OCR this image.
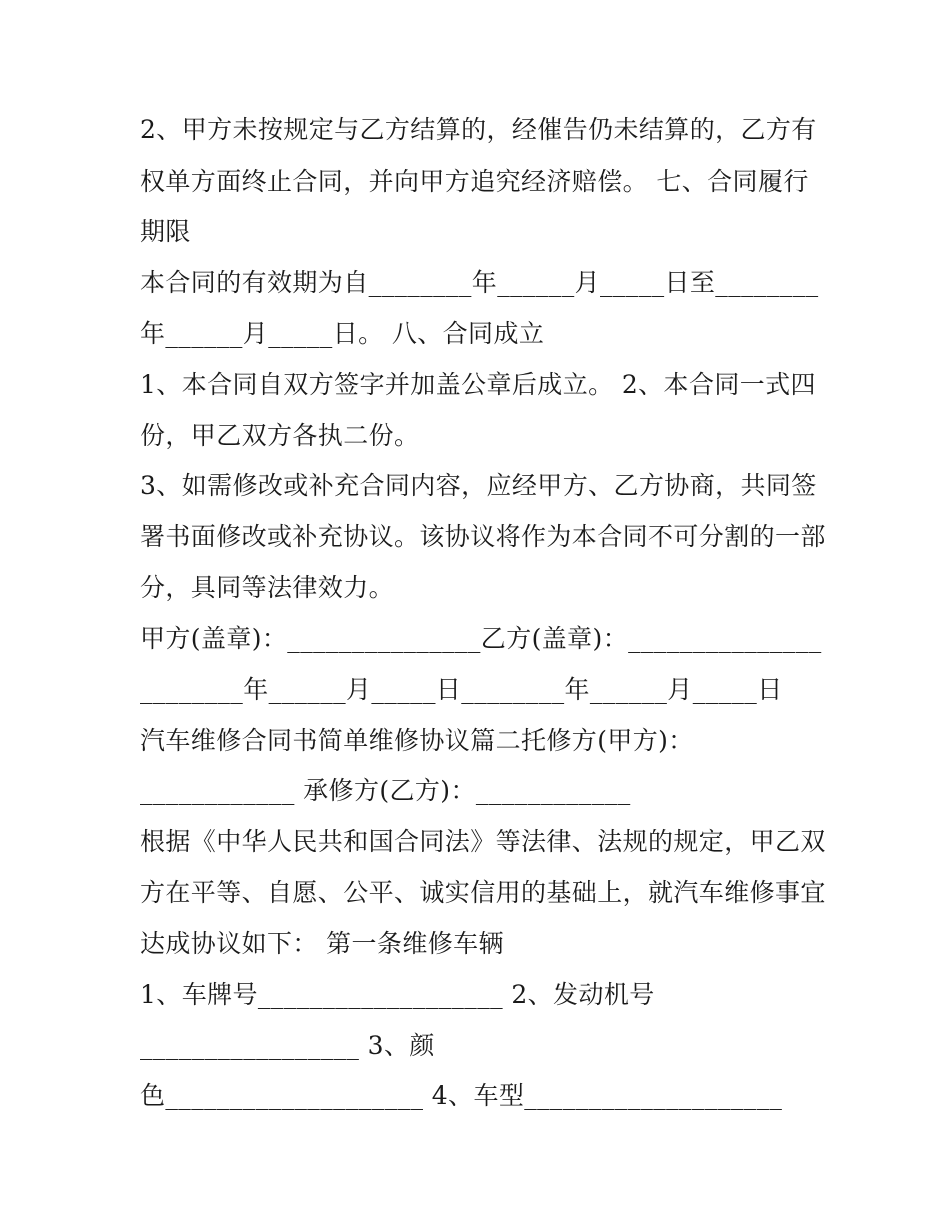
2、甲方未按规定与乙方结算的，经催告仍未结算的，乙方有
权单方面终止合同，并向甲方追究经济赔偿。 七、合同履行
期限
本合同的有效期为自________年______月_____日至________
年______月_____日。 八、合同成立
1、本合同自双方签字并加盖公章后成立。 2、本合同一式四
份，甲乙双方各执二份。
3、如需修改或补充合同内容，应经甲方、乙方协商，共同签
署书面修改或补充协议。该协议将作为本合同不可分割的一部
分，具同等法律效力。
甲方(盖章)：_______________乙方(盖章)：_______________
________年______月_____日________年______月_____日
汽车维修合同书简单维修协议篇二托修方(甲方)：
____________ 承修方(乙方)：____________
根据《中华人民共和国合同法》等法律、法规的规定，甲乙双
方在平等、自愿、公平、诚实信用的基础上，就汽车维修事宜
达成协议如下： 第一条维修车辆
1、车牌号___________________ 2、发动机号
_________________ 3、颜
色____________________ 4、车型____________________
